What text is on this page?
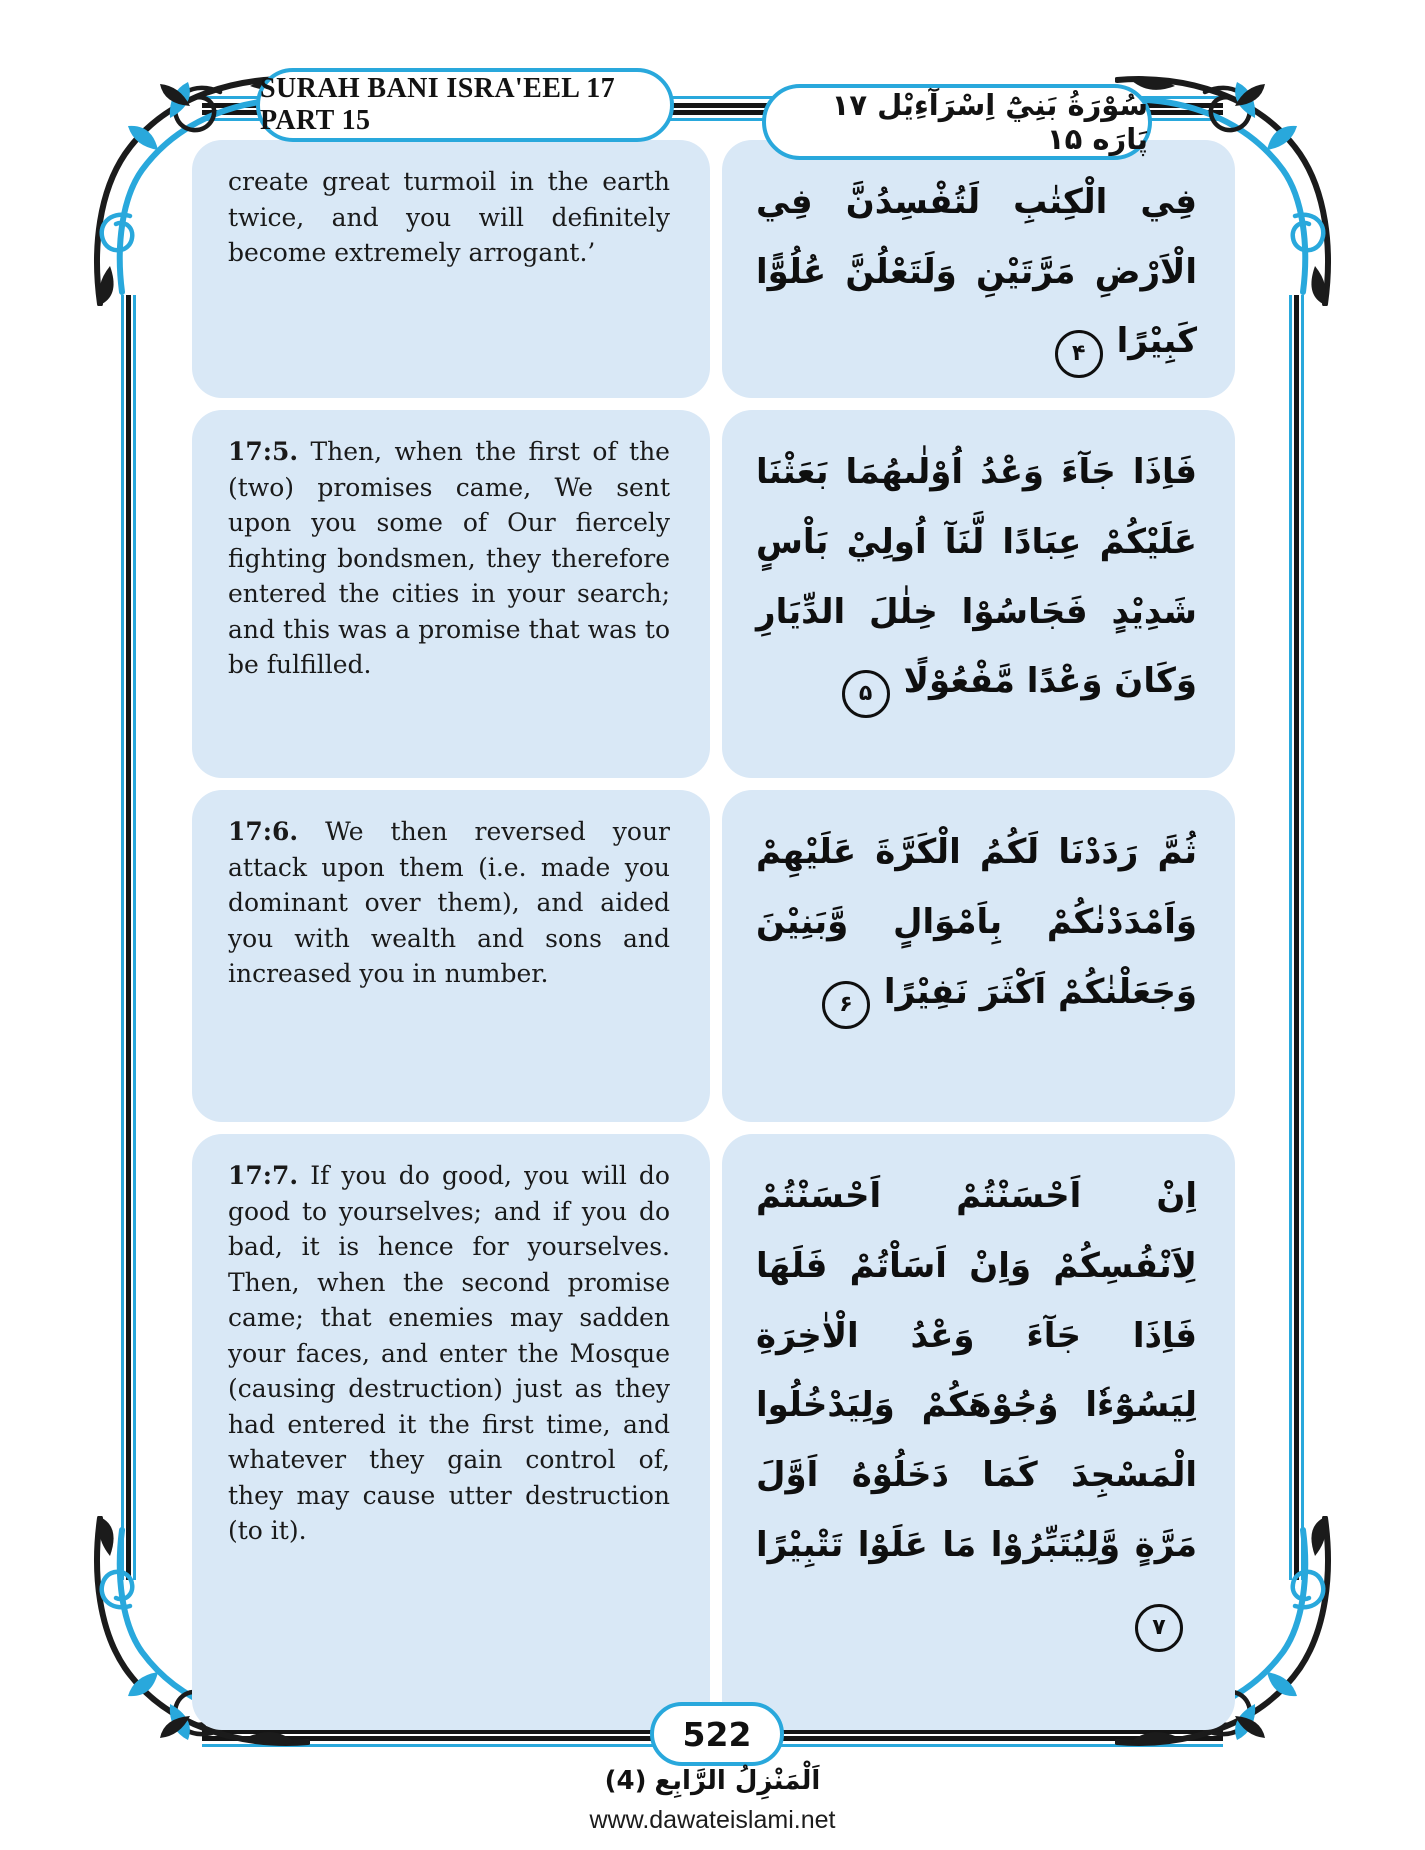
SURAH BANI ISRA'EEL 17 PART 15	سُوْرَةُ بَنِيْٓ اِسْرَآءِيْل ۱۷ پَارَه ۱۵

create great turmoil in the earth twice, and you will definitely become extremely arrogant.’

فِي الْكِتٰبِ لَتُفْسِدُنَّ فِي الْاَرْضِ مَرَّتَيْنِ وَلَتَعْلُنَّ عُلُوًّا كَبِيْرًا۴

17:5. Then, when the first of the (two) promises came, We sent upon you some of Our fiercely fighting bondsmen, they therefore entered the cities in your search; and this was a promise that was to be fulfilled.

فَاِذَا جَآءَ وَعْدُ اُوْلٰىهُمَا بَعَثْنَا عَلَيْكُمْ عِبَادًا لَّنَآ اُولِيْ بَاْسٍ شَدِيْدٍ فَجَاسُوْا خِلٰلَ الدِّيَارِ وَكَانَ وَعْدًا مَّفْعُوْلًا۵

17:6. We then reversed your attack upon them (i.e. made you dominant over them), and aided you with wealth and sons and increased you in number.

ثُمَّ رَدَدْنَا لَكُمُ الْكَرَّةَ عَلَيْهِمْ وَاَمْدَدْنٰكُمْ بِاَمْوَالٍ وَّبَنِيْنَ وَجَعَلْنٰكُمْ اَكْثَرَ نَفِيْرًا۶

17:7. If you do good, you will do good to yourselves; and if you do bad, it is hence for yourselves. Then, when the second promise came; that enemies may sadden your faces, and enter the Mosque (causing destruction) just as they had entered it the first time, and whatever they gain control of, they may cause utter destruction (to it).

اِنْ اَحْسَنْتُمْ اَحْسَنْتُمْ لِاَنْفُسِكُمْ وَاِنْ اَسَاْتُمْ فَلَهَا فَاِذَا جَآءَ وَعْدُ الْاٰخِرَةِ لِيَسُوْٓءٗا وُجُوْهَكُمْ وَلِيَدْخُلُوا الْمَسْجِدَ كَمَا دَخَلُوْهُ اَوَّلَ مَرَّةٍ وَّلِيُتَبِّرُوْا مَا عَلَوْا تَتْبِيْرًا۷

522
اَلْمَنْزِلُ الرَّابِع( 4 )
www.dawateislami.net
